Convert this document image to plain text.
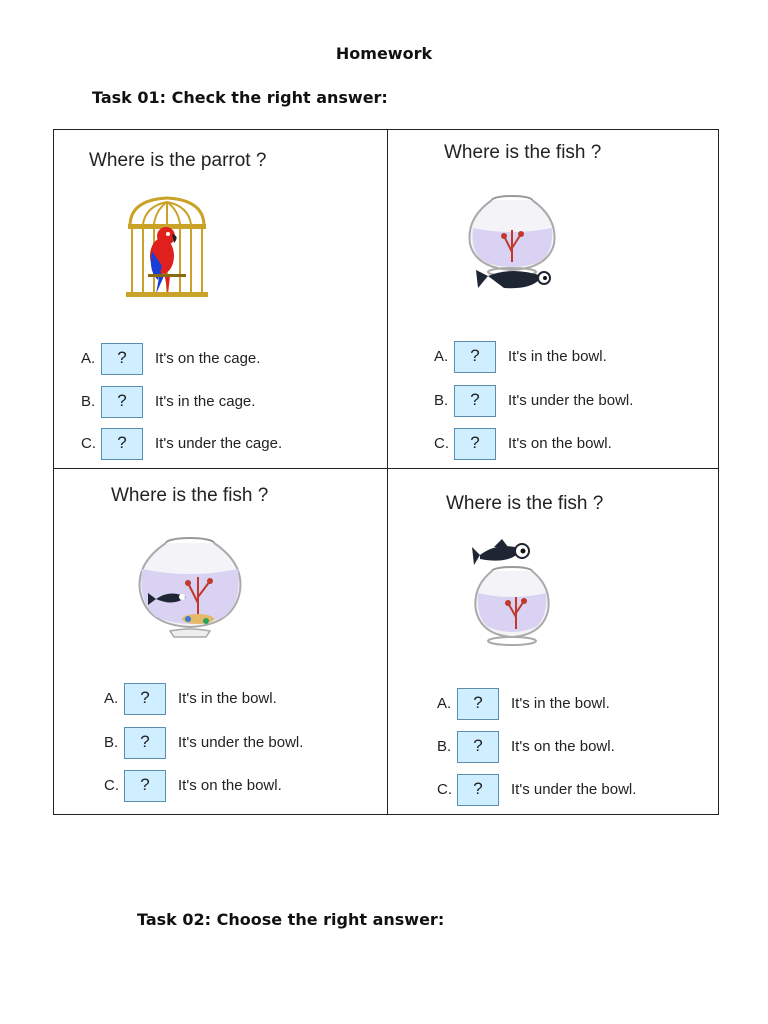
Homework
Task 01: Check the right answer:
Where is the parrot ?
A.	?	It's on the cage.
B.	?	It's in the cage.
C.	?	It's under the cage.
Where is the fish ?
A.	?	It's in the bowl.
B.	?	It's under the bowl.
C.	?	It's on the bowl.
Where is the fish ?
A.	?	It's in the bowl.
B.	?	It's under the bowl.
C.	?	It's on the bowl.
Where is the fish ?
A.	?	It's in the bowl.
B.	?	It's on the bowl.
C.	?	It's under the bowl.
Task 02: Choose the right answer:
